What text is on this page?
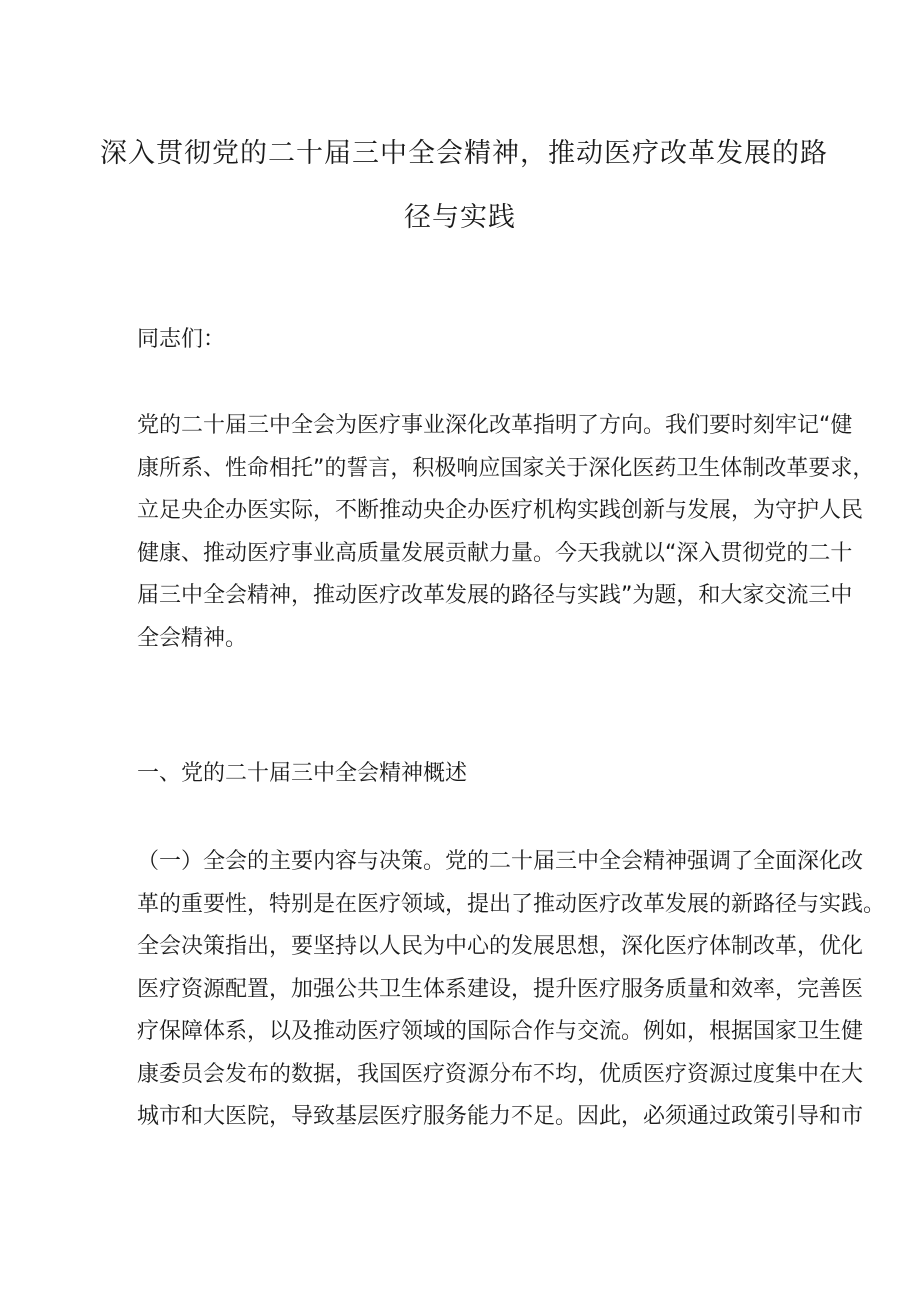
深入贯彻党的二十届三中全会精神，推动医疗改革发展的路
径与实践
同志们：
党的二十届三中全会为医疗事业深化改革指明了方向。我们要时刻牢记“健
康所系、性命相托”的誓言，积极响应国家关于深化医药卫生体制改革要求，
立足央企办医实际，不断推动央企办医疗机构实践创新与发展，为守护人民
健康、推动医疗事业高质量发展贡献力量。今天我就以“深入贯彻党的二十
届三中全会精神，推动医疗改革发展的路径与实践”为题，和大家交流三中
全会精神。
一、党的二十届三中全会精神概述
（一）全会的主要内容与决策。党的二十届三中全会精神强调了全面深化改
革的重要性，特别是在医疗领域，提出了推动医疗改革发展的新路径与实践。
全会决策指出，要坚持以人民为中心的发展思想，深化医疗体制改革，优化
医疗资源配置，加强公共卫生体系建设，提升医疗服务质量和效率，完善医
疗保障体系，以及推动医疗领域的国际合作与交流。例如，根据国家卫生健
康委员会发布的数据，我国医疗资源分布不均，优质医疗资源过度集中在大
城市和大医院，导致基层医疗服务能力不足。因此，必须通过政策引导和市
